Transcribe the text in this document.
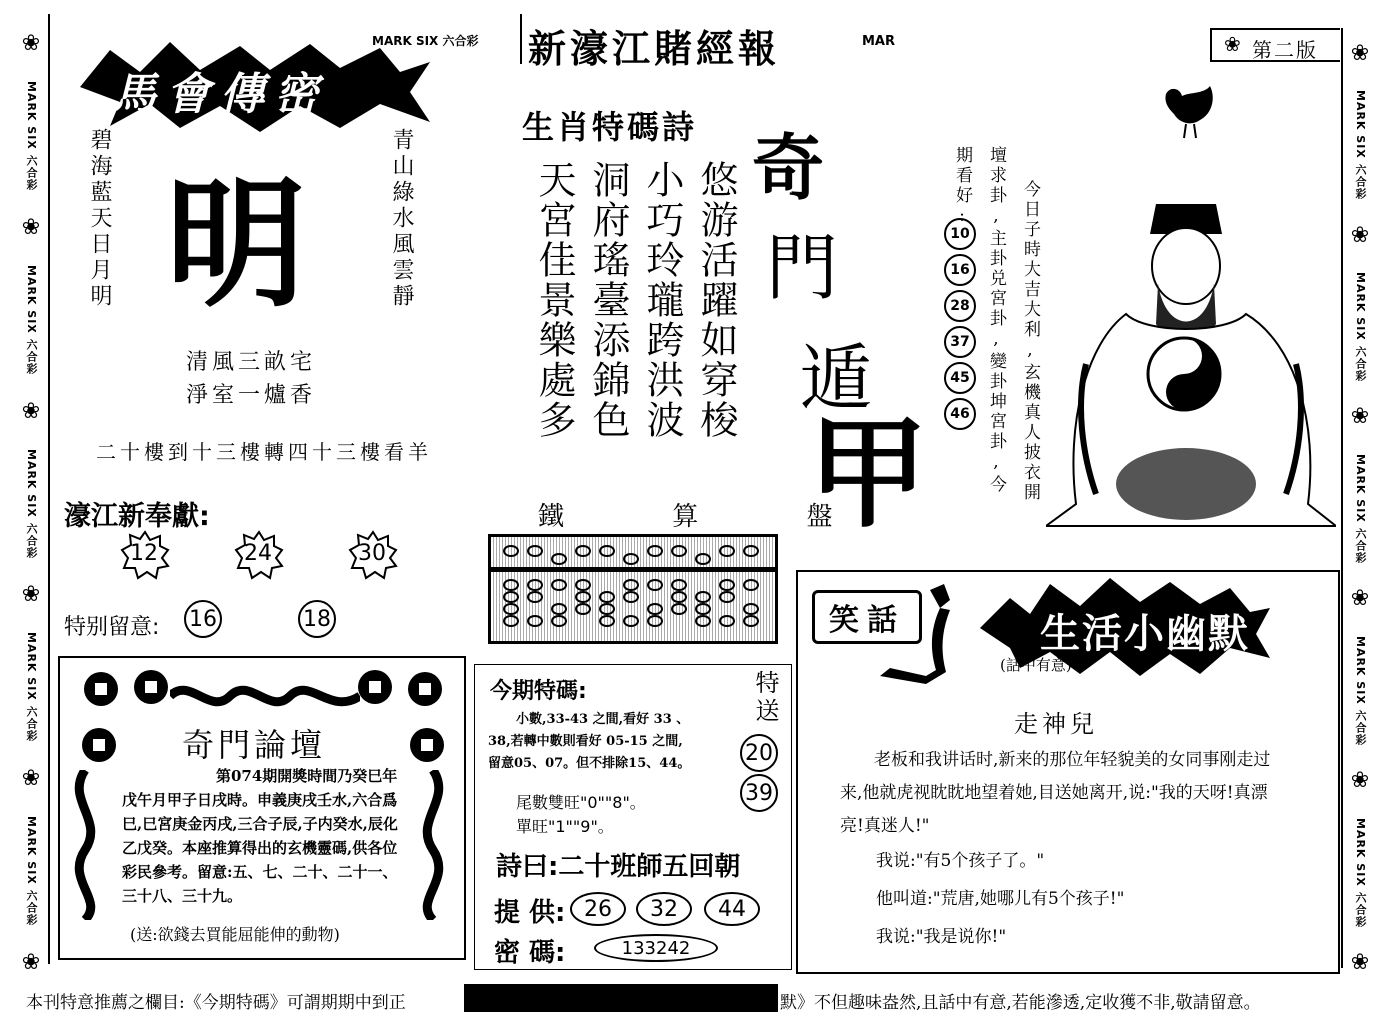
❀
MARK SIX 六合彩
❀
MARK SIX 六合彩
❀
MARK SIX 六合彩
❀
MARK SIX 六合彩
❀
MARK SIX 六合彩
❀
❀
MARK SIX 六合彩
❀
MARK SIX 六合彩
❀
MARK SIX 六合彩
❀
MARK SIX 六合彩
❀
MARK SIX 六合彩
❀
MARK SIX 六合彩 新濠江賭經報	MAR	❀ 第二版
馬會傳密
碧海藍天日月明	青山綠水風雲靜
明
清風三畝宅
淨室一爐香
二十樓到十三樓轉四十三樓看羊
濠江新奉獻:
12	24	30
特别留意: 16	18
奇門論壇
第074期開獎時間乃癸巳年戊午月甲子日戌時。申義庚戌壬水,六合爲巳,巳宮庚金丙戌,三合子辰,子内癸水,辰化乙戊癸。本座推算得出的玄機靈碼,供各位彩民參考。留意:五、七、二十、二十一、三十八、三十九。
(送:欲錢去買能屈能伸的動物)
生肖特碼詩
悠游活躍如穿梭
小巧玲瓏跨洪波
洞府瑤臺添錦色
天宮佳景樂處多 奇
門
遁
甲
鐵 算 盤
今期特碼:
小數,33-43 之間,看好 33 、
38,若轉中數則看好 05-15 之間,
留意05、07。但不排除15、44。
尾數雙旺"0""8"。
單旺"1""9"。
特送
20
39
詩曰:二十班師五回朝
提 供: 26	32	44
密 碼:	133242
今日子時大吉大利,玄機真人披衣開
壇求卦,主卦兑宮卦,變卦坤宮卦,今
期看好:
10
16
28
37
45
46
笑話	生活小幽默
(話中有意)
走神兒
老板和我讲话时,新来的那位年轻貌美的女同事刚走过来,他就虎视眈眈地望着她,目送她离开,说:"我的天呀!真漂亮!真迷人!"
我说:"有5个孩子了。"
他叫道:"荒唐,她哪儿有5个孩子!"
我说:"我是说你!"
本刊特意推薦之欄目:《今期特碼》可謂期期中到正	默》不但趣味盎然,且話中有意,若能滲透,定收獲不非,敬請留意。
